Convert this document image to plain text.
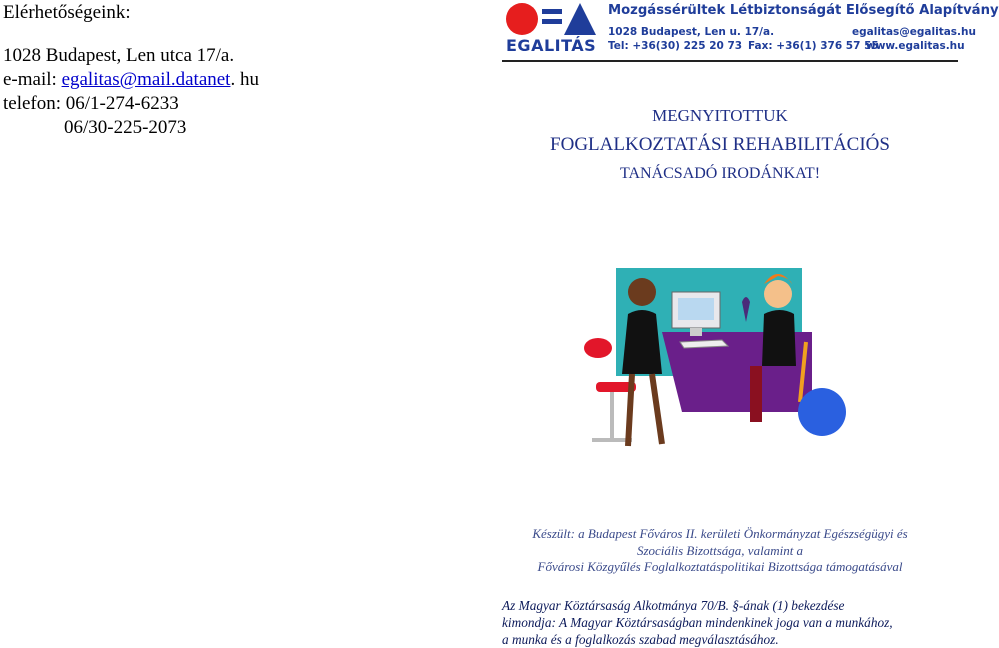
Elérhetőségeink:
1028 Budapest, Len utca 17/a.
e-mail: egalitas@mail.datanet. hu
telefon: 06/1-274-6233
06/30-225-2073
EGALITÁS
Mozgássérültek Létbiztonságát Elősegítő Alapítvány
1028 Budapest, Len u. 17/a.	egalitas@egalitas.hu
Tel: +36(30) 225 20 73 Fax: +36(1) 376 57 55
www.egalitas.hu
MEGNYITOTTUK
FOGLALKOZTATÁSI REHABILITÁCIÓS
TANÁCSADÓ IRODÁNKAT!
Készült: a Budapest Főváros II. kerületi Önkormányzat Egészségügyi és
Szociális Bizottsága, valamint a
Fővárosi Közgyűlés Foglalkoztatáspolitikai Bizottsága támogatásával
Az Magyar Köztársaság Alkotmánya 70/B. §-ának (1) bekezdése
kimondja: A Magyar Köztársaságban mindenkinek joga van a munkához,
a munka és a foglalkozás szabad megválasztásához.
